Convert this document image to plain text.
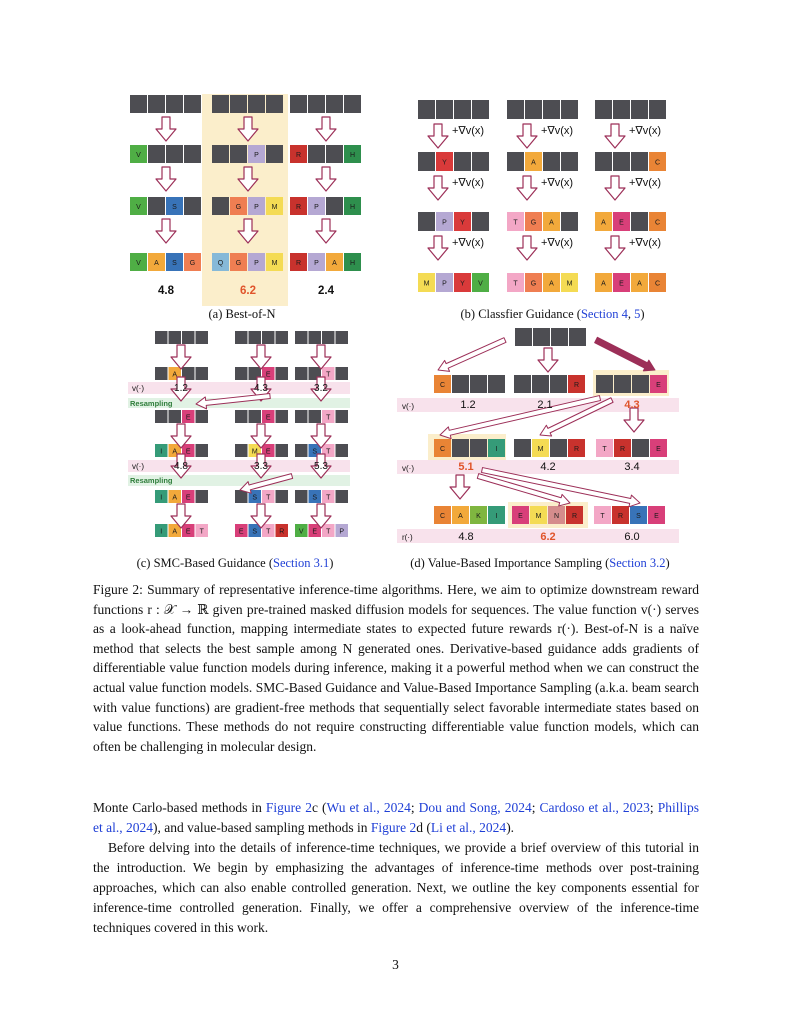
V	P	R	H
V	S	G P M	R P	H
V A S G	Q G P M	R P A H
Y	A	C
P Y	T G A	A E	C
M P Y V	T G A M	A E A C
A	E	T
E	E	T
I A E	M E	S T
I A E	S T	S T
I A E T	E S T R V E T P
C	R	E
C	I	M	R	T R	E
C A K I	E M N R	T R S E
4.8	6.2	2.4
+∇v(x)	+∇v(x)	+∇v(x)
+∇v(x)	+∇v(x)	+∇v(x)
+∇v(x)	+∇v(x)	+∇v(x)
v(·)
v(·)
Resampling
Resampling
1.2	4.3	3.2
4.8	3.3	5.3
v(·)
v(·)
r(·)
1.2	2.1	4.3
5.1	4.2	3.4
4.8	6.2	6.0
(a) Best-of-N	(b) Classfier Guidance (Section 4, 5)
(c) SMC-Based Guidance (Section 3.1)	(d) Value-Based Importance Sampling (Section 3.2)
Figure 2: Summary of representative inference-time algorithms. Here, we aim to optimize downstream reward functions r : 𝒳 → ℝ given pre-trained masked diffusion models for sequences. The value function v(·) serves as a look-ahead function, mapping intermediate states to expected future rewards r(·). Best-of-N is a naïve method that selects the best sample among N generated ones. Derivative-based guidance adds gradients of differentiable value function models during inference, making it a powerful method when we can construct the actual value function models. SMC-Based Guidance and Value-Based Importance Sampling (a.k.a. beam search with value functions) are gradient-free methods that sequentially select favorable intermediate states based on value functions. These methods do not require constructing differentiable value function models, which can often be challenging in molecular design.

Monte Carlo-based methods in Figure 2c (Wu et al., 2024; Dou and Song, 2024; Cardoso et al., 2023; Phillips et al., 2024), and value-based sampling methods in Figure 2d (Li et al., 2024).

Before delving into the details of inference-time techniques, we provide a brief overview of this tutorial in the introduction. We begin by emphasizing the advantages of inference-time methods over post-training approaches, which can also enable controlled generation. Next, we outline the key components essential for inference-time controlled generation. Finally, we offer a comprehensive overview of the inference-time techniques covered in this work.

3
